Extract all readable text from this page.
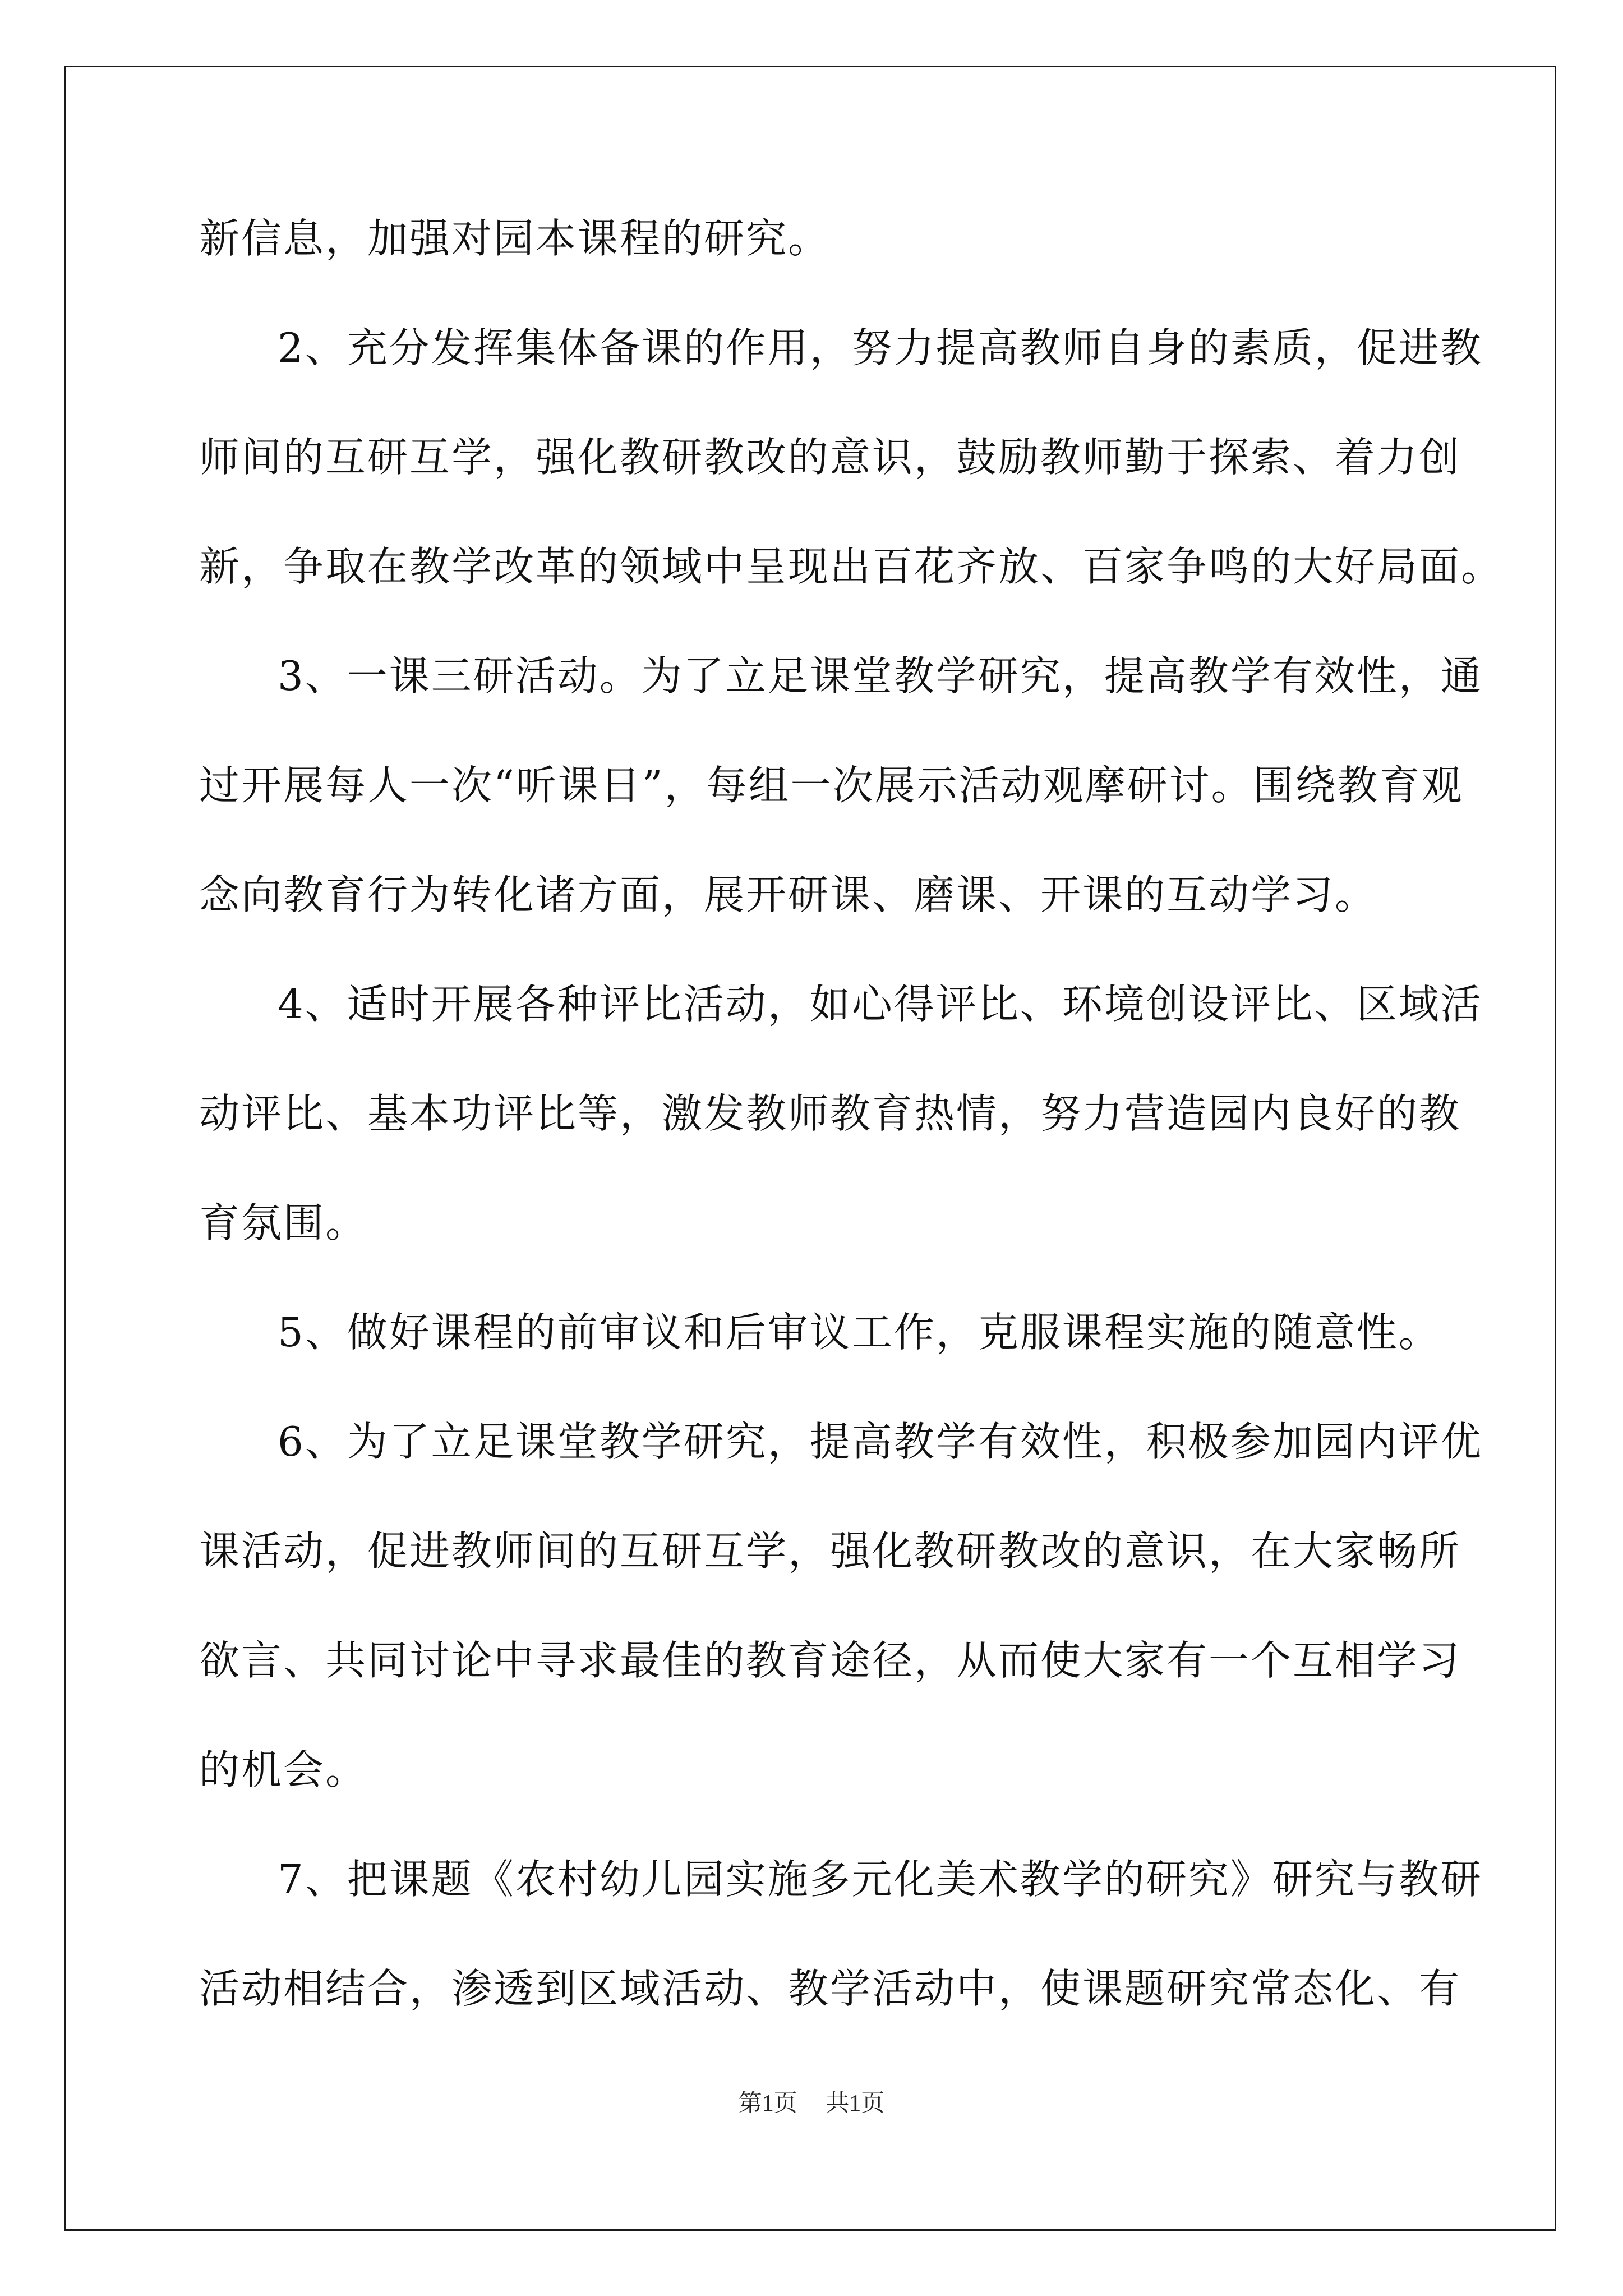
新信息，加强对园本课程的研究。
2、充分发挥集体备课的作用，努力提高教师自身的素质，促进教
师间的互研互学，强化教研教改的意识，鼓励教师勤于探索、着力创
新，争取在教学改革的领域中呈现出百花齐放、百家争鸣的大好局面。
3、一课三研活动。为了立足课堂教学研究，提高教学有效性，通
过开展每人一次“听课日”，每组一次展示活动观摩研讨。围绕教育观
念向教育行为转化诸方面，展开研课、磨课、开课的互动学习。
4、适时开展各种评比活动，如心得评比、环境创设评比、区域活
动评比、基本功评比等，激发教师教育热情，努力营造园内良好的教
育氛围。
5、做好课程的前审议和后审议工作，克服课程实施的随意性。
6、为了立足课堂教学研究，提高教学有效性，积极参加园内评优
课活动，促进教师间的互研互学，强化教研教改的意识，在大家畅所
欲言、共同讨论中寻求最佳的教育途径，从而使大家有一个互相学习
的机会。
7、把课题《农村幼儿园实施多元化美术教学的研究》研究与教研
活动相结合，渗透到区域活动、教学活动中，使课题研究常态化、有
第1页 共1页
